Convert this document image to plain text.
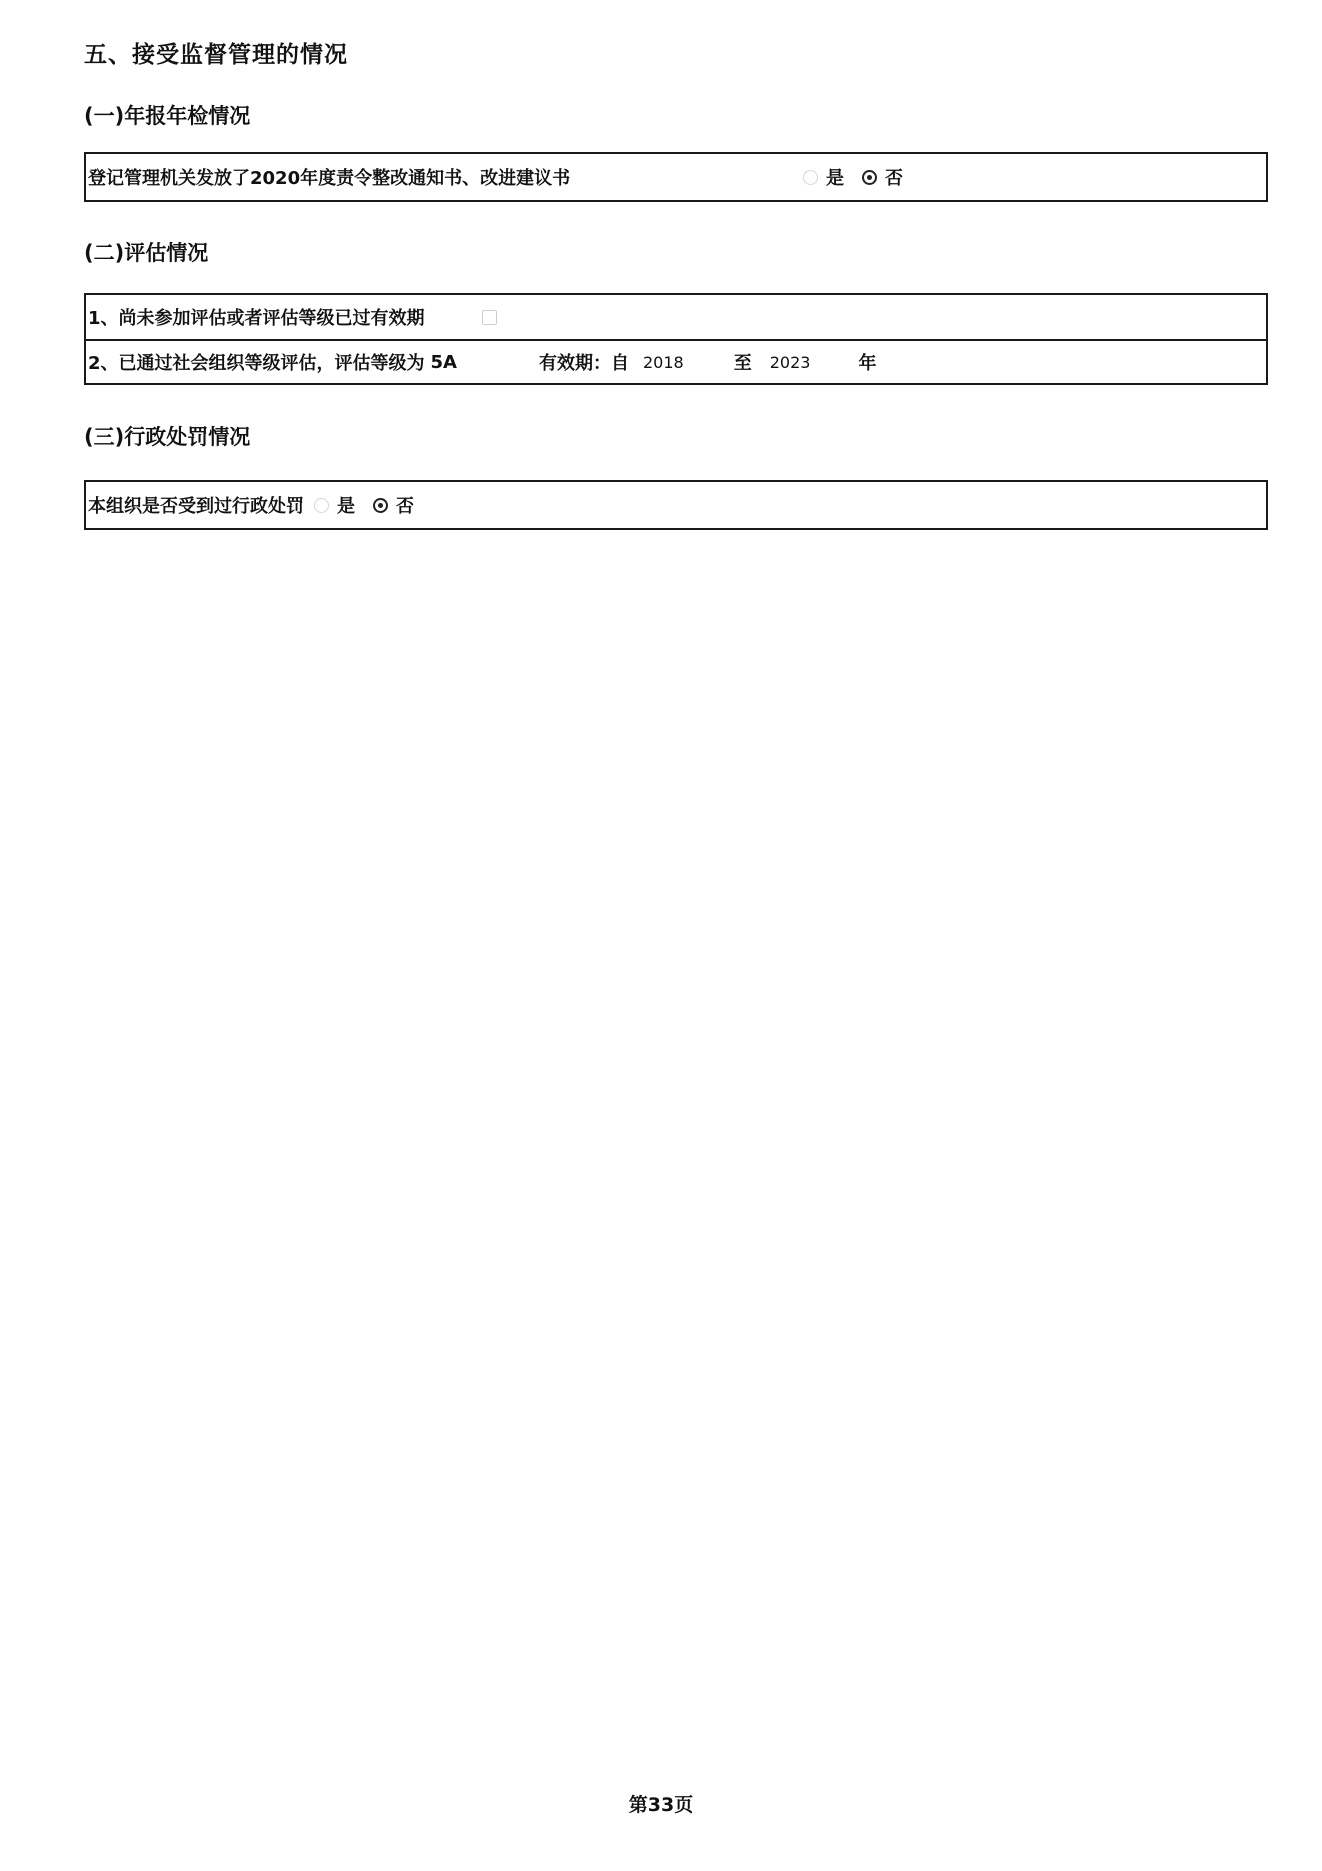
五、接受监督管理的情况
(一)年报年检情况
登记管理机关发放了2020年度责令整改通知书、改进建议书	是 否
(二)评估情况
1、尚未参加评估或者评估等级已过有效期
2、已通过社会组织等级评估，评估等级为 5A	有效期：自 2018	至 2023	年
(三)行政处罚情况
本组织是否受到过行政处罚 是 否
第33页
